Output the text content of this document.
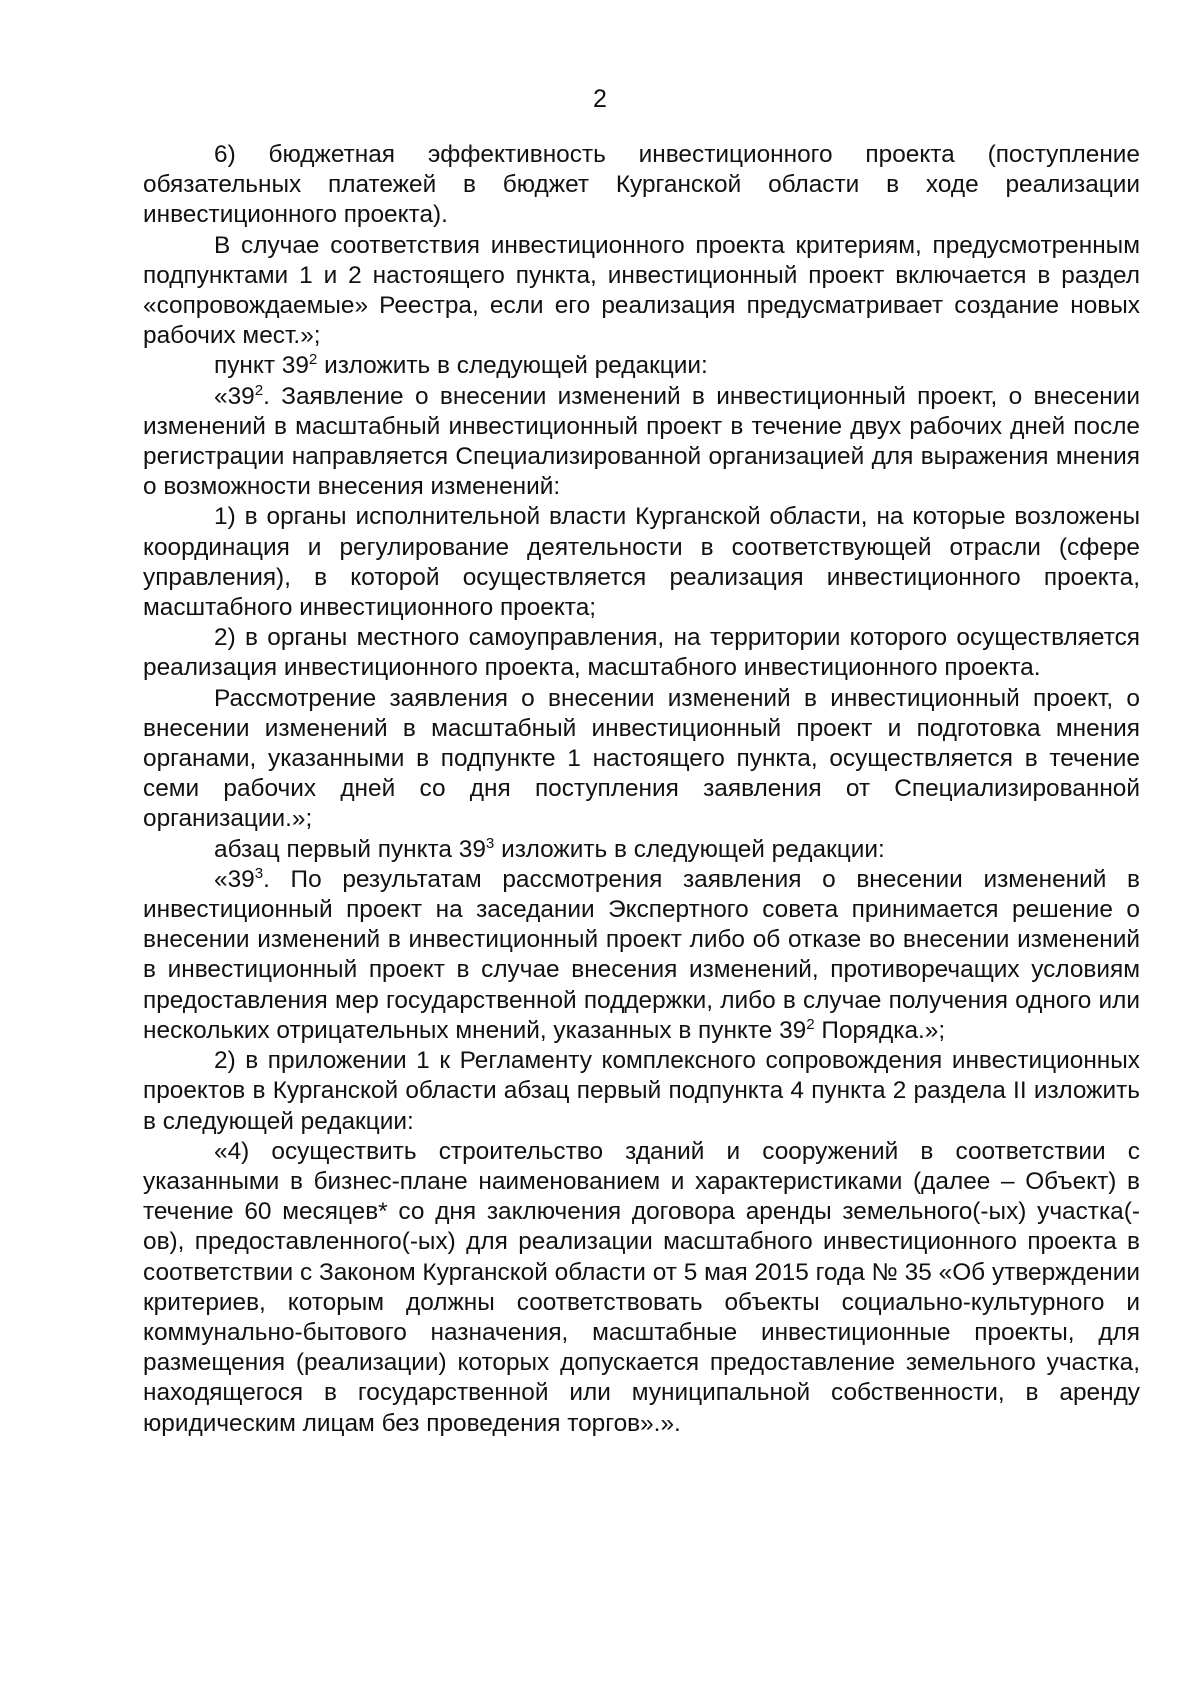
2

6) бюджетная эффективность инвестиционного проекта (поступление обязательных платежей в бюджет Курганской области в ходе реализации инвестиционного проекта).

В случае соответствия инвестиционного проекта критериям, предусмотренным подпунктами 1 и 2 настоящего пункта, инвестиционный проект включается в раздел «сопровождаемые» Реестра, если его реализация предусматривает создание новых рабочих мест.»;

пункт $39^2$ изложить в следующей редакции:

«$39^2$. Заявление о внесении изменений в инвестиционный проект, о внесении изменений в масштабный инвестиционный проект в течение двух рабочих дней после регистрации направляется Специализированной организацией для выражения мнения о возможности внесения изменений:

1) в органы исполнительной власти Курганской области, на которые возложены координация и регулирование деятельности в соответствующей отрасли (сфере управления), в которой осуществляется реализация инвестиционного проекта, масштабного инвестиционного проекта;

2) в органы местного самоуправления, на территории которого осуществляется реализация инвестиционного проекта, масштабного инвестиционного проекта.

Рассмотрение заявления о внесении изменений в инвестиционный проект, о внесении изменений в масштабный инвестиционный проект и подготовка мнения органами, указанными в подпункте 1 настоящего пункта, осуществляется в течение семи рабочих дней со дня поступления заявления от Специализированной организации.»;

абзац первый пункта $39^3$ изложить в следующей редакции:

«$39^3$. По результатам рассмотрения заявления о внесении изменений в инвестиционный проект на заседании Экспертного совета принимается решение о внесении изменений в инвестиционный проект либо об отказе во внесении изменений в инвестиционный проект в случае внесения изменений, противоречащих условиям предоставления мер государственной поддержки, либо в случае получения одного или нескольких отрицательных мнений, указанных в пункте $39^2$ Порядка.»;

2) в приложении 1 к Регламенту комплексного сопровождения инвестиционных проектов в Курганской области абзац первый подпункта 4 пункта 2 раздела II изложить в следующей редакции:

«4) осуществить строительство зданий и сооружений в соответствии с указанными в бизнес-плане наименованием и характеристиками (далее – Объект) в течение 60 месяцев* со дня заключения договора аренды земельного(-ых) участка(-ов), предоставленного(-ых) для реализации масштабного инвестиционного проекта в соответствии с Законом Курганской области от 5 мая 2015 года № 35 «Об утверждении критериев, которым должны соответствовать объекты социально-культурного и коммунально-бытового назначения, масштабные инвестиционные проекты, для размещения (реализации) которых допускается предоставление земельного участка, находящегося в государственной или муниципальной собственности, в аренду юридическим лицам без проведения торгов».».
